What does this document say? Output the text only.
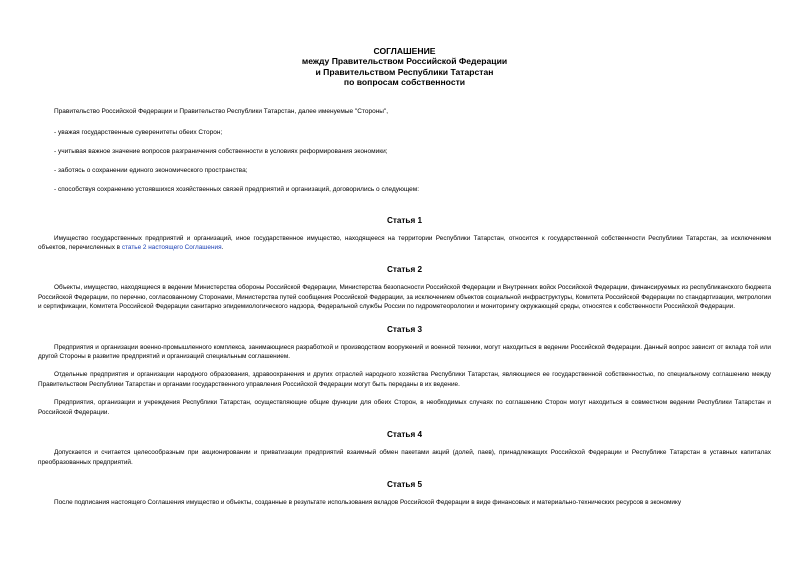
СОГЛАШЕНИЕ

между Правительством Российской Федерации

и Правительством Республики Татарстан

по вопросам собственности

Правительство Российской Федерации и Правительство Республики Татарстан, далее именуемые "Стороны",

- уважая государственные суверенитеты обеих Сторон;

- учитывая важное значение вопросов разграничения собственности в условиях реформирования экономики;

- заботясь о сохранении единого экономического пространства;

- способствуя сохранению устоявшихся хозяйственных связей предприятий и организаций, договорились о следующем:

Статья 1

Имущество государственных предприятий и организаций, иное государственное имущество, находящееся на территории Республики Татарстан, относится к государственной собственности Республики Татарстан, за исключением объектов, перечисленных в статье 2 настоящего Соглашения.

Статья 2

Объекты, имущество, находящиеся в ведении Министерства обороны Российской Федерации, Министерства безопасности Российской Федерации и Внутренних войск Российской Федерации, финансируемых из республиканского бюджета Российской Федерации, по перечню, согласованному Сторонами, Министерства путей сообщения Российской Федерации, за исключением объектов социальной инфраструктуры, Комитета Российской Федерации по стандартизации, метрологии и сертификации, Комитета Российской Федерации санитарно эпидемиологического надзора, Федеральной службы России по гидрометеорологии и мониторингу окружающей среды, относятся к собственности Российской Федерации.

Статья 3

Предприятия и организации военно-промышленного комплекса, занимающиеся разработкой и производством вооружений и военной техники, могут находиться в ведении Российской Федерации. Данный вопрос зависит от вклада той или другой Стороны в развитие предприятий и организаций специальным соглашением.

Отдельные предприятия и организации народного образования, здравоохранения и других отраслей народного хозяйства Республики Татарстан, являющиеся ее государственной собственностью, по специальному соглашению между Правительством Республики Татарстан и органами государственного управления Российской Федерации могут быть переданы в их ведение.

Предприятия, организации и учреждения Республики Татарстан, осуществляющие общие функции для обеих Сторон, в необходимых случаях по соглашению Сторон могут находиться в совместном ведении Республики Татарстан и Российской Федерации.

Статья 4

Допускается и считается целесообразным при акционировании и приватизации предприятий взаимный обмен пакетами акций (долей, паев), принадлежащих Российской Федерации и Республике Татарстан в уставных капиталах преобразованных предприятий.

Статья 5

После подписания настоящего Соглашения имущество и объекты, созданные в результате использования вкладов Российской Федерации в виде финансовых и материально-технических ресурсов в экономику
